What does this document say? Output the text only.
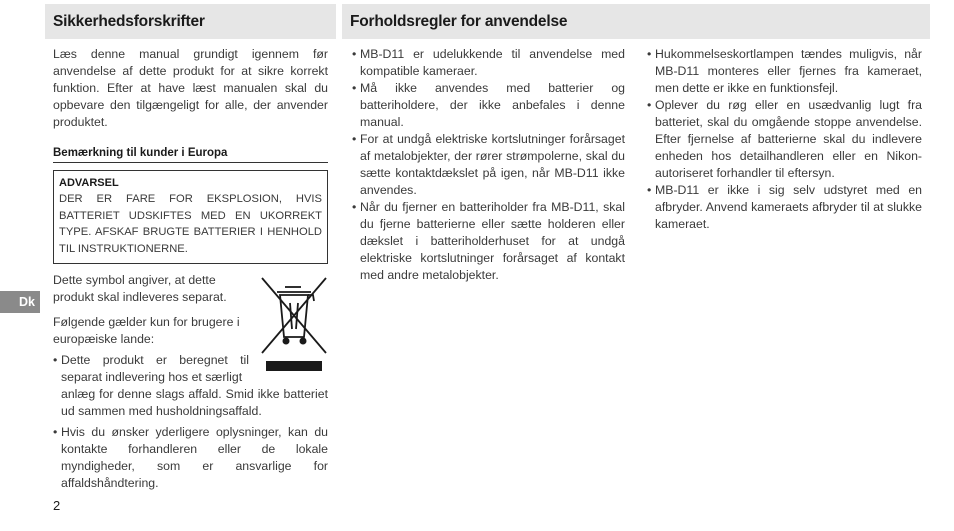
Sikkerhedsforskrifter	Forholdsregler for anvendelse
Læs denne manual grundigt igennem før anvendelse af dette produkt for at sikre korrekt funktion. Efter at have læst manualen skal du opbevare den tilgængeligt for alle, der anvender produktet.
Bemærkning til kunder i Europa
ADVARSEL
DER ER FARE FOR EKSPLOSION, HVIS BATTERIET UDSKIFTES MED EN UKORREKT TYPE. AFSKAF BRUGTE BATTERIER I HENHOLD TIL INSTRUKTIONERNE.
Dk
Dette symbol angiver, at dette produkt skal indleveres separat.
Følgende gælder kun for brugere i europæiske lande:
• Dette produkt er beregnet til separat indlevering hos et særligt
anlæg for denne slags affald. Smid ikke batteriet ud sammen med husholdningsaffald.
• Hvis du ønsker yderligere oplysninger, kan du kontakte forhandleren eller de lokale myndigheder, som er ansvarlige for affaldshåndtering.
• MB-D11 er udelukkende til anvendelse med kompatible kameraer.
• Må ikke anvendes med batterier og batteriholdere, der ikke anbefales i denne manual.
• For at undgå elektriske kortslutninger forårsaget af metalobjekter, der rører strømpolerne, skal du sætte kontaktdækslet på igen, når MB-D11 ikke anvendes.
• Når du fjerner en batteriholder fra MB-D11, skal du fjerne batterierne eller sætte holderen eller dækslet i batteriholderhuset for at undgå elektriske kortslutninger forårsaget af kontakt med andre metalobjekter.
• Hukommelseskortlampen tændes muligvis, når MB-D11 monteres eller fjernes fra kameraet, men dette er ikke en funktionsfejl.
• Oplever du røg eller en usædvanlig lugt fra batteriet, skal du omgående stoppe anvendelse. Efter fjernelse af batterierne skal du indlevere enheden hos detailhandleren eller en Nikon-autoriseret forhandler til eftersyn.
• MB-D11 er ikke i sig selv udstyret med en afbryder. Anvend kameraets afbryder til at slukke kameraet.
2
